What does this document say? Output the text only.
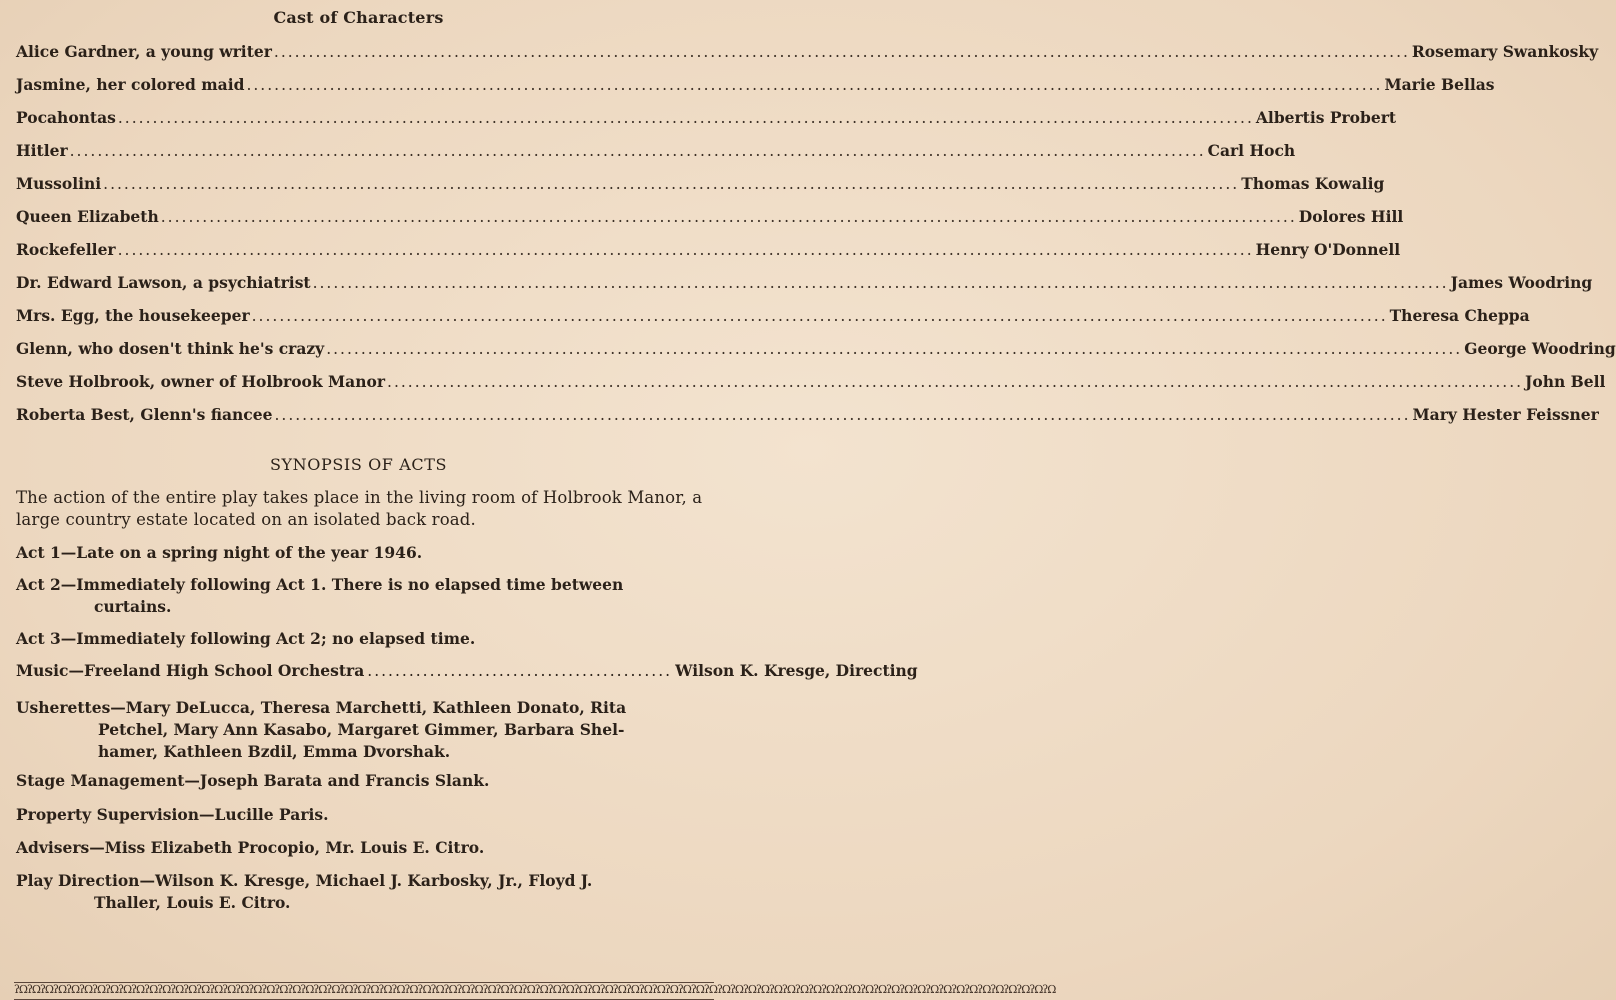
Cast of Characters
Alice Gardner, a young writer .....	Rosemary Swankosky
Jasmine, her colored maid .....	Marie Bellas
Pocahontas .....	Albertis Probert
Hitler .....	Carl Hoch
Mussolini .....	Thomas Kowalig
Queen Elizabeth .....	Dolores Hill
Rockefeller .....	Henry O'Donnell
Dr. Edward Lawson, a psychiatrist .....	James Woodring
Mrs. Egg, the housekeeper .....	Theresa Cheppa
Glenn, who dosen't think he's crazy .....	George Woodring
Steve Holbrook, owner of Holbrook Manor .....	John Bell
Roberta Best, Glenn's fiancee .....	Mary Hester Feissner
SYNOPSIS OF ACTS
The action of the entire play takes place in the living room of Holbrook Manor, a large country estate located on an isolated back road.
Act 1—Late on a spring night of the year 1946.
Act 2—Immediately following Act 1. There is no elapsed time between
curtains.
Act 3—Immediately following Act 2; no elapsed time.
Music—Freeland High School Orchestra .....	Wilson K. Kresge, Directing
Usherettes—Mary DeLucca, Theresa Marchetti, Kathleen Donato, Rita
Petchel, Mary Ann Kasabo, Margaret Gimmer, Barbara Shel-
hamer, Kathleen Bzdil, Emma Dvorshak.
Stage Management—Joseph Barata and Francis Slank.
Property Supervision—Lucille Paris.
Advisers—Miss Elizabeth Procopio, Mr. Louis E. Citro.
Play Direction—Wilson K. Kresge, Michael J. Karbosky, Jr., Floyd J.
Thaller, Louis E. Citro.
ʔΩʔΩʔΩʔΩʔΩʔΩʔΩʔΩʔΩʔΩʔΩʔΩʔΩʔΩʔΩʔΩʔΩʔΩʔΩʔΩʔΩʔΩʔΩʔΩʔΩʔΩʔΩʔΩʔΩʔΩʔΩʔΩʔΩʔΩʔΩʔΩʔΩʔΩʔΩʔΩʔΩʔΩʔΩʔΩʔΩʔΩʔΩʔΩʔΩʔΩʔΩʔΩʔΩʔΩʔΩʔΩʔΩʔΩʔΩʔΩʔΩʔΩʔΩʔΩʔΩʔΩʔΩʔΩʔΩʔΩʔΩʔΩʔΩʔΩʔΩʔΩʔΩʔΩʔΩʔΩ
